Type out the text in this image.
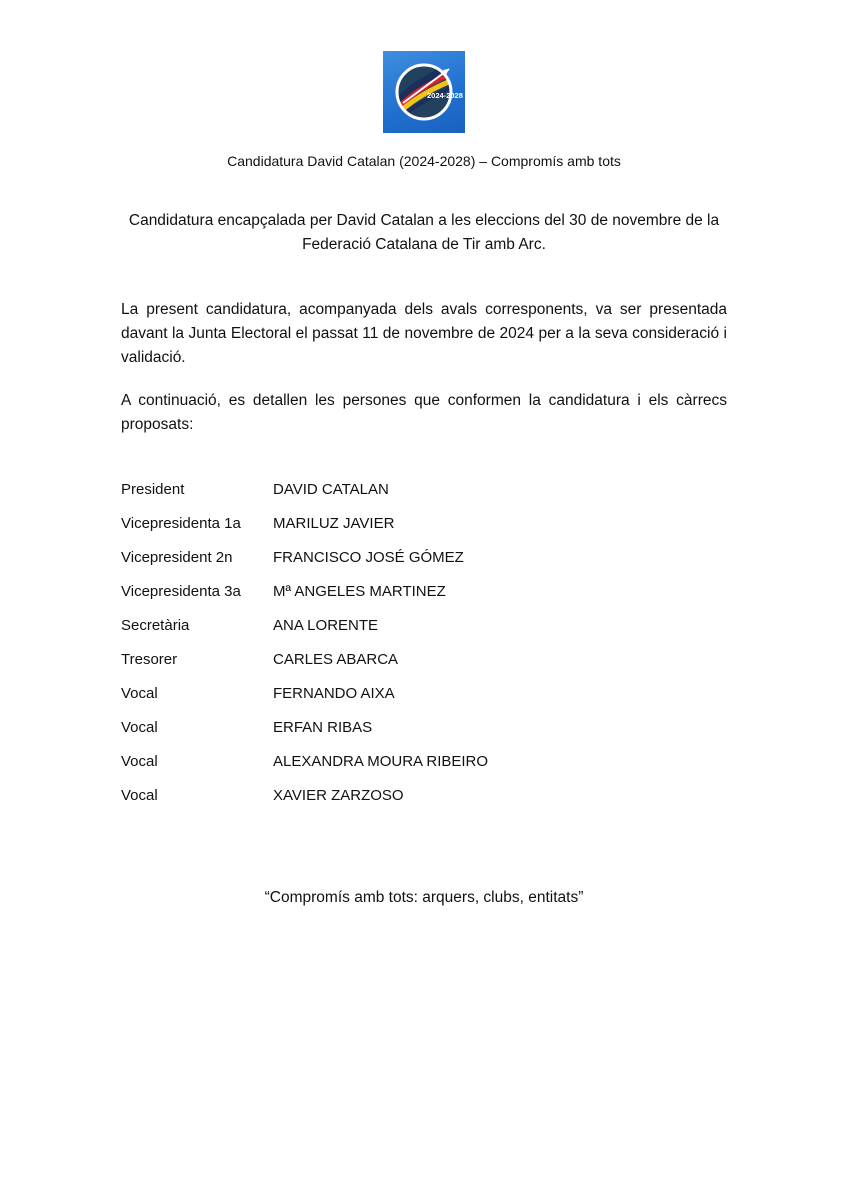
2024-2028
Candidatura David Catalan (2024-2028) – Compromís amb tots
Candidatura encapçalada per David Catalan a les eleccions del 30 de novembre de la
Federació Catalana de Tir amb Arc.
La present candidatura, acompanyada dels avals corresponents, va ser presentada davant la Junta Electoral el passat 11 de novembre de 2024 per a la seva consideració i validació.
A continuació, es detallen les persones que conformen la candidatura i els càrrecs proposats:
President	DAVID CATALAN
Vicepresidenta 1a MARILUZ JAVIER
Vicepresident 2n	FRANCISCO JOSÉ GÓMEZ
Vicepresidenta 3a Mª ANGELES MARTINEZ
Secretària	ANA LORENTE
Tresorer	CARLES ABARCA
Vocal	FERNANDO AIXA
Vocal	ERFAN RIBAS
Vocal	ALEXANDRA MOURA RIBEIRO
Vocal	XAVIER ZARZOSO
“Compromís amb tots: arquers, clubs, entitats”
